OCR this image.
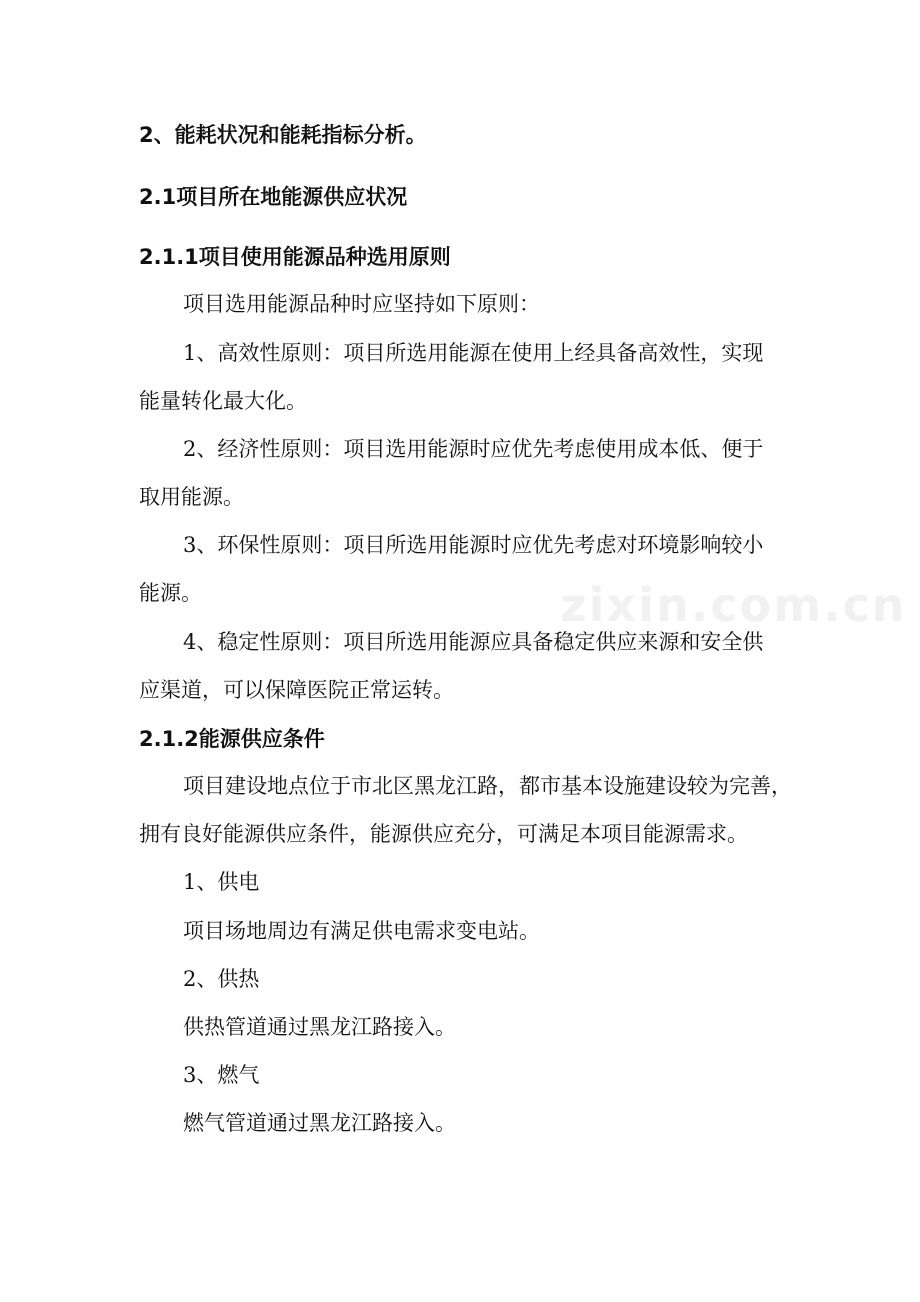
zixin.com.cn
2、能耗状况和能耗指标分析。
2.1项目所在地能源供应状况
2.1.1项目使用能源品种选用原则
项目选用能源品种时应坚持如下原则：
1、高效性原则：项目所选用能源在使用上经具备高效性，实现
能量转化最大化。
2、经济性原则：项目选用能源时应优先考虑使用成本低、便于
取用能源。
3、环保性原则：项目所选用能源时应优先考虑对环境影响较小
能源。
4、稳定性原则：项目所选用能源应具备稳定供应来源和安全供
应渠道，可以保障医院正常运转。
2.1.2能源供应条件
项目建设地点位于市北区黑龙江路，都市基本设施建设较为完善，
拥有良好能源供应条件，能源供应充分，可满足本项目能源需求。
1、供电
项目场地周边有满足供电需求变电站。
2、供热
供热管道通过黑龙江路接入。
3、燃气
燃气管道通过黑龙江路接入。
